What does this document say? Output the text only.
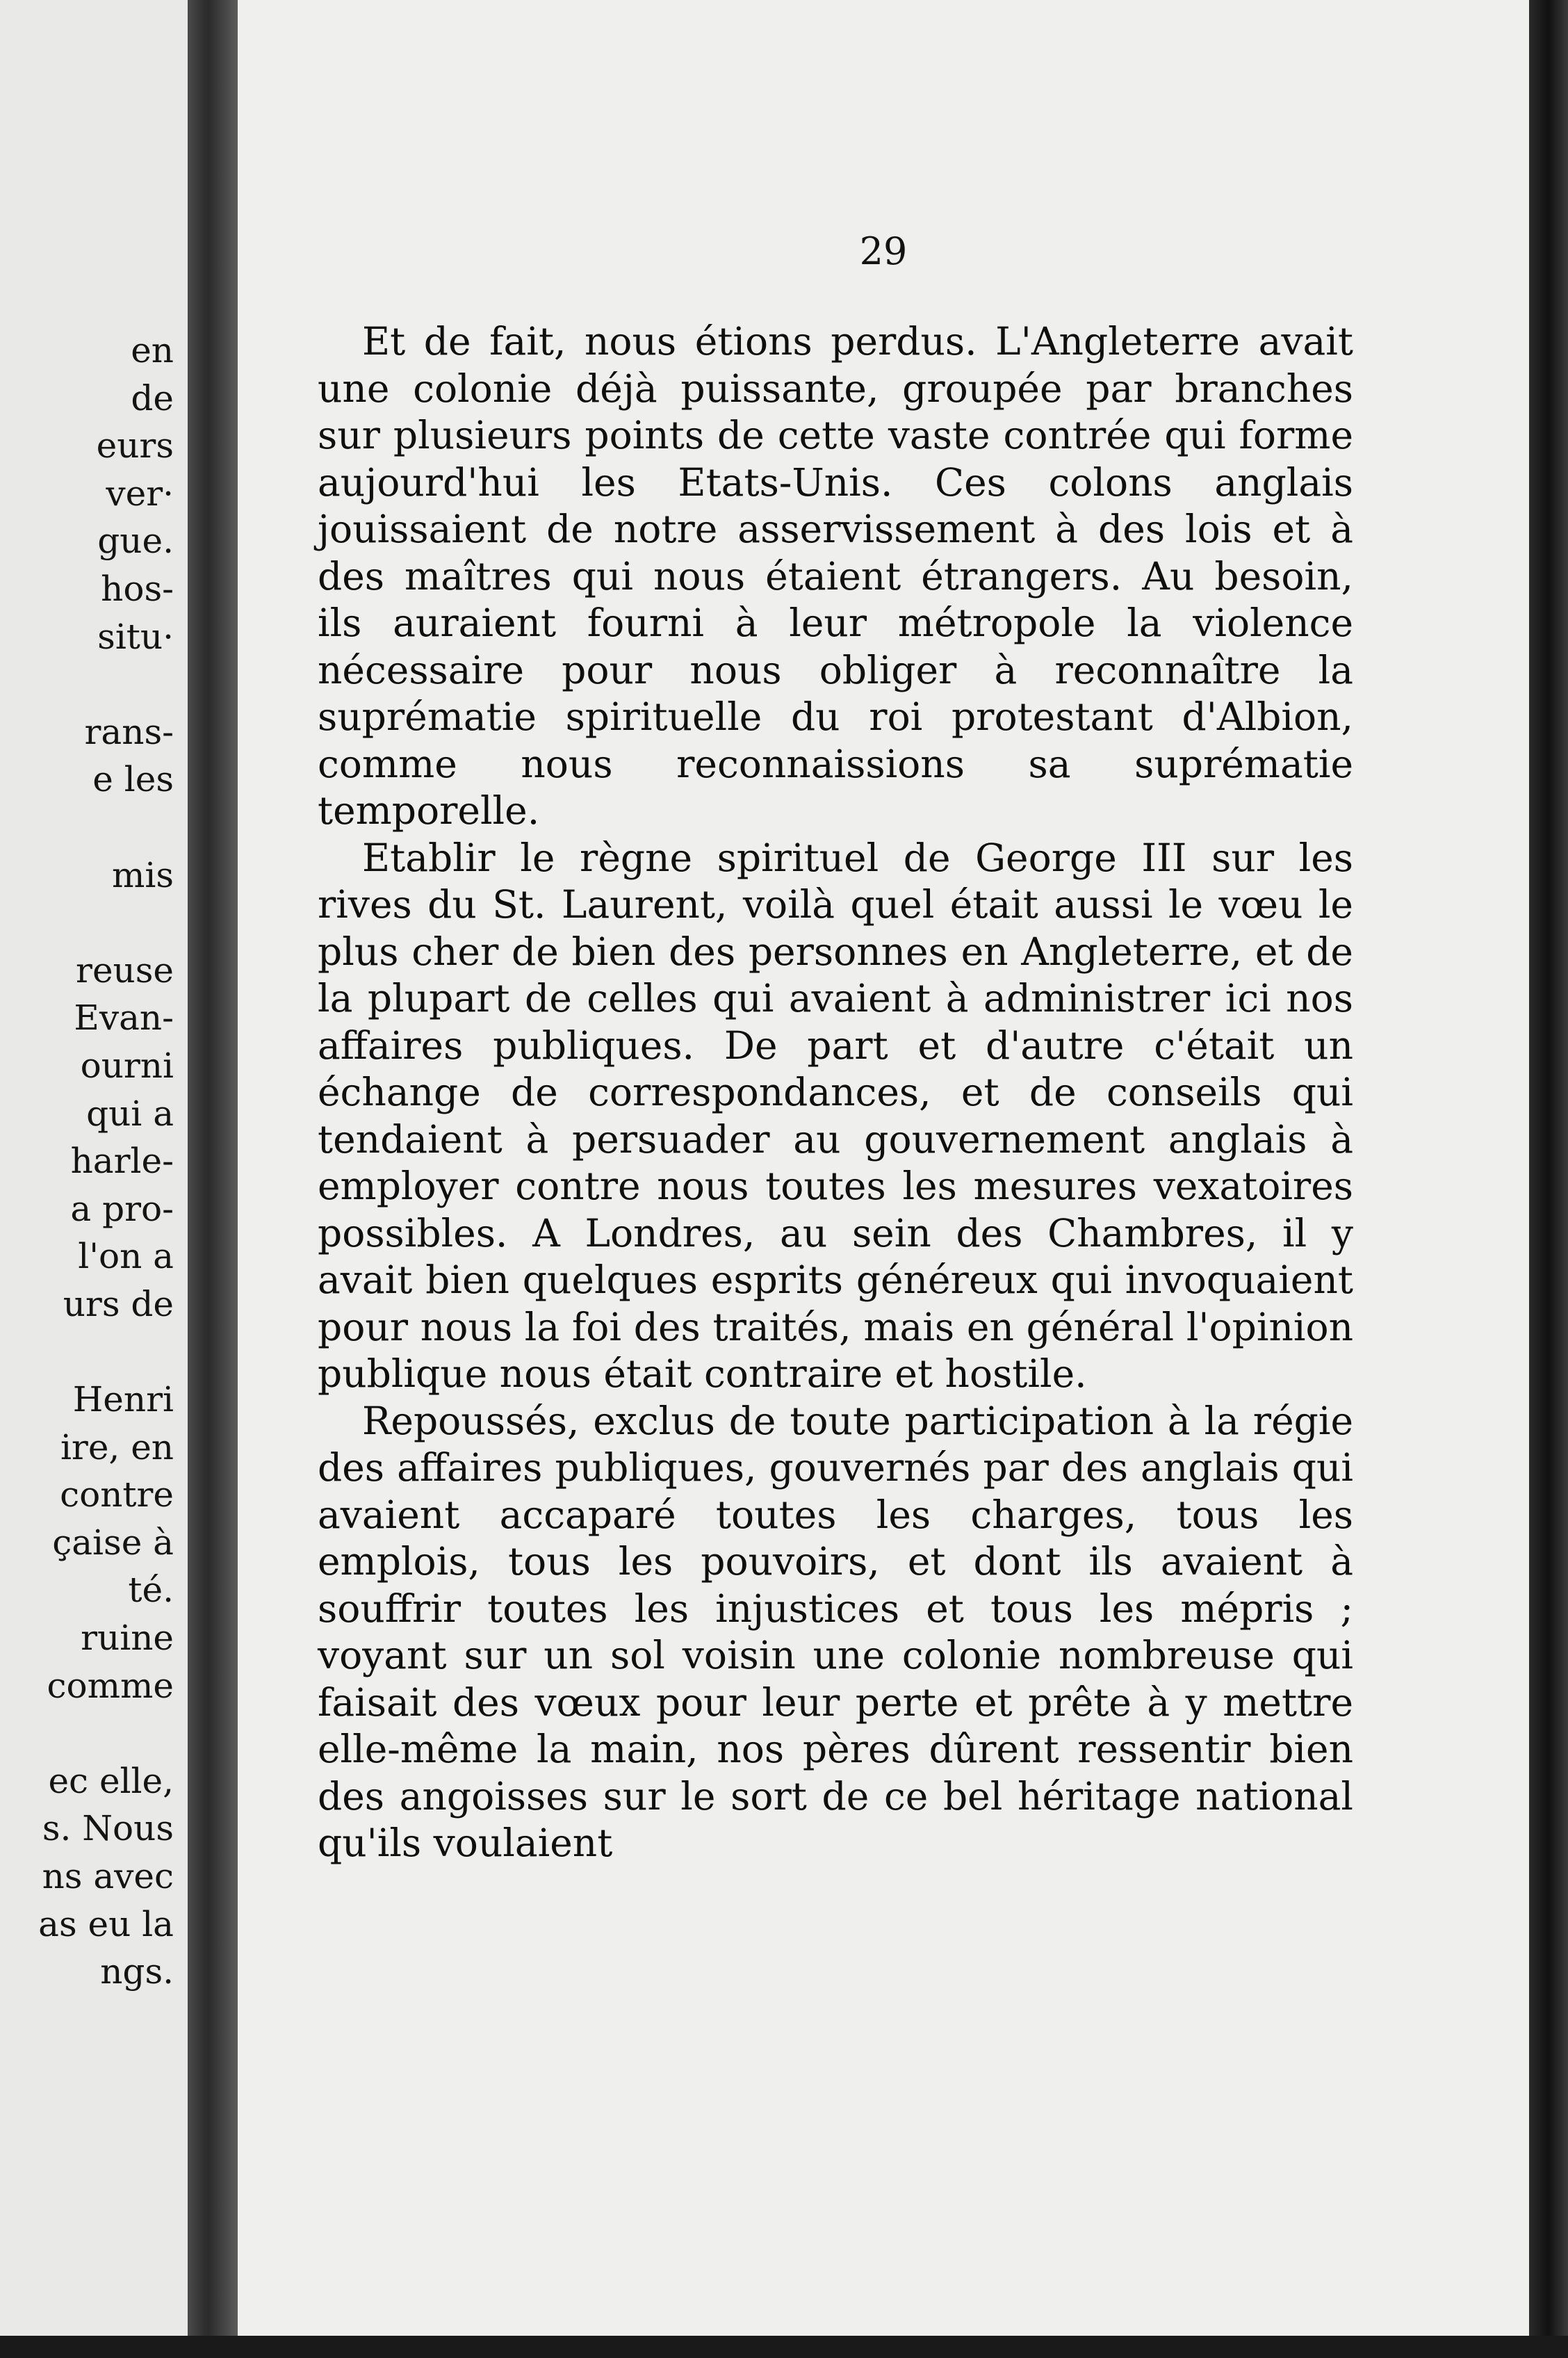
en
de
eurs
ver·
gue.
hos-
situ·
rans-
e les
mis
reuse
Evan-
ourni
qui a
harle-
a pro-
l'on a
urs de
Henri
ire, en
contre
çaise à
té.
ruine
comme
ec elle,
s. Nous
ns avec
as eu la
ngs.
29

Et de fait, nous étions perdus. L'Angleterre avait une colonie déjà puissante, groupée par branches sur plusieurs points de cette vaste contrée qui forme aujourd'hui les Etats-Unis. Ces colons anglais jouissaient de notre asservissement à des lois et à des maîtres qui nous étaient étrangers. Au besoin, ils auraient fourni à leur métropole la violence nécessaire pour nous obliger à reconnaître la suprématie spirituelle du roi protestant d'Albion, comme nous reconnaissions sa suprématie temporelle.

Etablir le règne spirituel de George III sur les rives du St. Laurent, voilà quel était aussi le vœu le plus cher de bien des personnes en Angleterre, et de la plupart de celles qui avaient à administrer ici nos affaires publiques. De part et d'autre c'était un échange de correspondances, et de conseils qui tendaient à persuader au gouvernement anglais à employer contre nous toutes les mesures vexatoires possibles. A Londres, au sein des Chambres, il y avait bien quelques esprits généreux qui invoquaient pour nous la foi des traités, mais en général l'opinion publique nous était contraire et hostile.

Repoussés, exclus de toute participation à la régie des affaires publiques, gouvernés par des anglais qui avaient accaparé toutes les charges, tous les emplois, tous les pouvoirs, et dont ils avaient à souffrir toutes les injustices et tous les mépris ; voyant sur un sol voisin une colonie nombreuse qui faisait des vœux pour leur perte et prête à y mettre elle-même la main, nos pères dûrent ressentir bien des angoisses sur le sort de ce bel héritage national qu'ils voulaient
